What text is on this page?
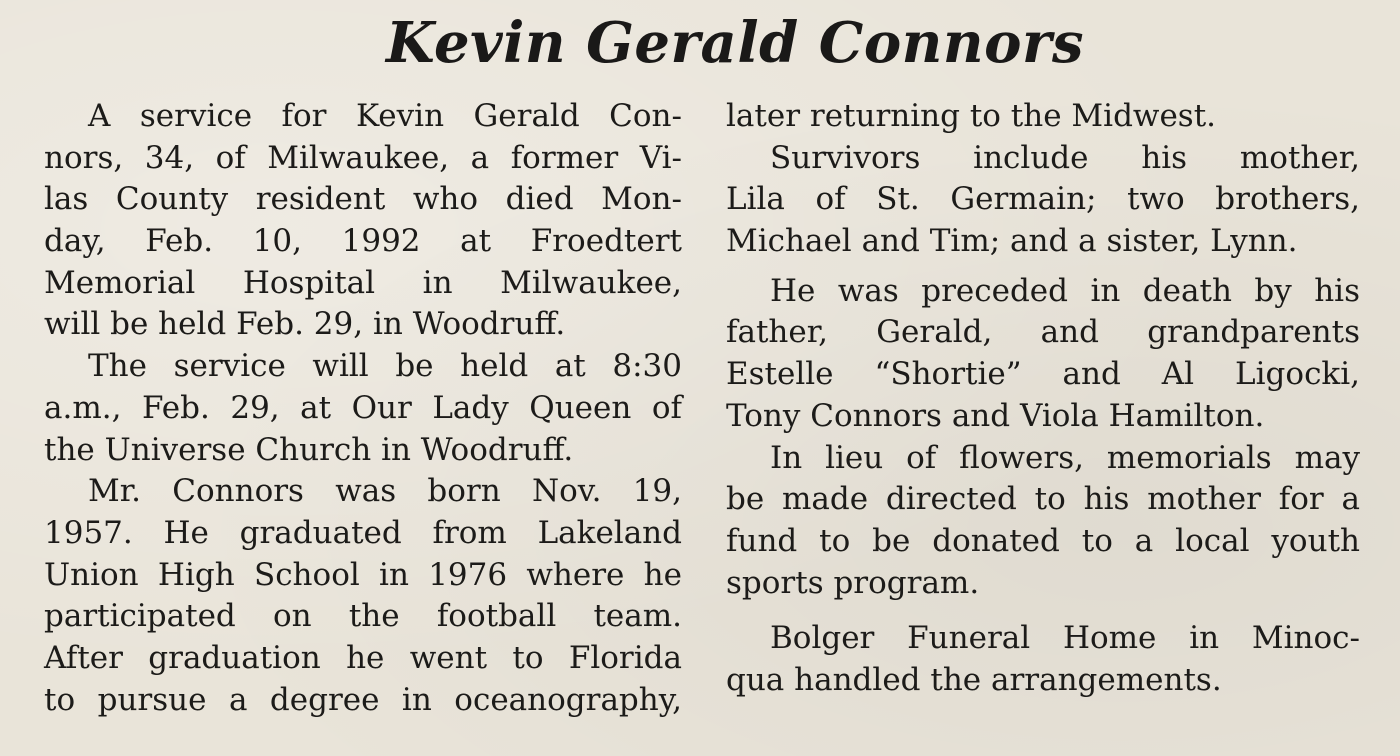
Kevin Gerald Connors
A service for Kevin Gerald Con-
nors, 34, of Milwaukee, a former Vi-
las County resident who died Mon-
day, Feb. 10, 1992 at Froedtert
Memorial Hospital in Milwaukee,
will be held Feb. 29, in Woodruff.
The service will be held at 8:30
a.m., Feb. 29, at Our Lady Queen of
the Universe Church in Woodruff.
Mr. Connors was born Nov. 19,
1957. He graduated from Lakeland
Union High School in 1976 where he
participated on the football team.
After graduation he went to Florida
to pursue a degree in oceanography,
later returning to the Midwest.
Survivors include his mother,
Lila of St. Germain; two brothers,
Michael and Tim; and a sister, Lynn.
He was preceded in death by his
father, Gerald, and grandparents
Estelle “Shortie” and Al Ligocki,
Tony Connors and Viola Hamilton.
In lieu of flowers, memorials may
be made directed to his mother for a
fund to be donated to a local youth
sports program.
Bolger Funeral Home in Minoc-
qua handled the arrangements.
